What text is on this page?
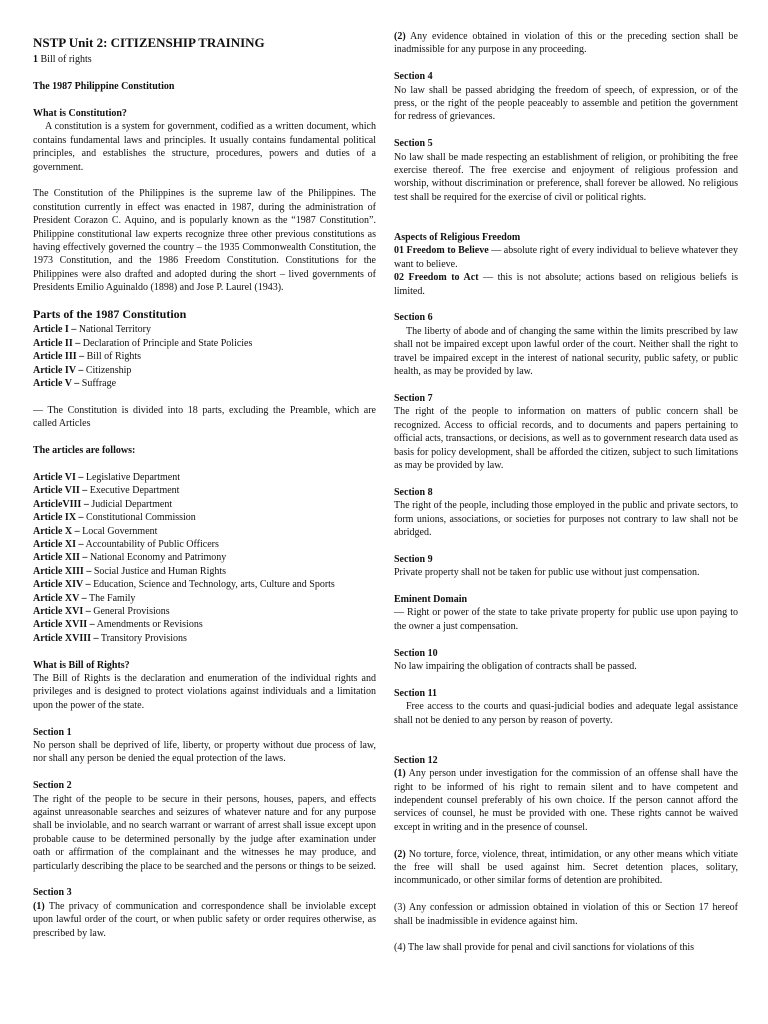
NSTP Unit 2: CITIZENSHIP TRAINING

1 Bill of rights

The 1987 Philippine Constitution

What is Constitution?

A constitution is a system for government, codified as a written document, which contains fundamental laws and principles. It usually contains fundamental political principles, and establishes the structure, procedures, powers and duties of a government.

The Constitution of the Philippines is the supreme law of the Philippines. The constitution currently in effect was enacted in 1987, during the administration of President Corazon C. Aquino, and is popularly known as the “1987 Constitution”. Philippine constitutional law experts recognize three other previous constitutions as having effectively governed the country – the 1935 Commonwealth Constitution, the 1973 Constitution, and the 1986 Freedom Constitution. Constitutions for the Philippines were also drafted and adopted during the short – lived governments of Presidents Emilio Aguinaldo (1898) and Jose P. Laurel (1943).

Parts of the 1987 Constitution

Article I – National Territory

Article II – Declaration of Principle and State Policies

Article III – Bill of Rights

Article IV – Citizenship

Article V – Suffrage

— The Constitution is divided into 18 parts, excluding the Preamble, which are called Articles

The articles are follows:

Article VI – Legislative Department

Article VII – Executive Department

ArticleVIII – Judicial Department

Article IX – Constitutional Commission

Article X – Local Government

Article XI – Accountability of Public Officers

Article XII – National Economy and Patrimony

Article XIII – Social Justice and Human Rights

Article XIV – Education, Science and Technology, arts, Culture and Sports

Article XV – The Family

Article XVI – General Provisions

Article XVII – Amendments or Revisions

Article XVIII – Transitory Provisions

What is Bill of Rights?

The Bill of Rights is the declaration and enumeration of the individual rights and privileges and is designed to protect violations against individuals and a limitation upon the power of the state.

Section 1

No person shall be deprived of life, liberty, or property without due process of law, nor shall any person be denied the equal protection of the laws.

Section 2

The right of the people to be secure in their persons, houses, papers, and effects against unreasonable searches and seizures of whatever nature and for any purpose shall be inviolable, and no search warrant or warrant of arrest shall issue except upon probable cause to be determined personally by the judge after examination under oath or affirmation of the complainant and the witnesses he may produce, and particularly describing the place to be searched and the persons or things to be seized.

Section 3

(1) The privacy of communication and correspondence shall be inviolable except upon lawful order of the court, or when public safety or order requires otherwise, as prescribed by law.

(2) Any evidence obtained in violation of this or the preceding section shall be inadmissible for any purpose in any proceeding.

Section 4

No law shall be passed abridging the freedom of speech, of expression, or of the press, or the right of the people peaceably to assemble and petition the government for redress of grievances.

Section 5

No law shall be made respecting an establishment of religion, or prohibiting the free exercise thereof. The free exercise and enjoyment of religious profession and worship, without discrimination or preference, shall forever be allowed. No religious test shall be required for the exercise of civil or political rights.

Aspects of Religious Freedom

01 Freedom to Believe — absolute right of every individual to believe whatever they want to believe.

02 Freedom to Act — this is not absolute; actions based on religious beliefs is limited.

Section 6

The liberty of abode and of changing the same within the limits prescribed by law shall not be impaired except upon lawful order of the court. Neither shall the right to travel be impaired except in the interest of national security, public safety, or public health, as may be provided by law.

Section 7

The right of the people to information on matters of public concern shall be recognized. Access to official records, and to documents and papers pertaining to official acts, transactions, or decisions, as well as to government research data used as basis for policy development, shall be afforded the citizen, subject to such limitations as may be provided by law.

Section 8

The right of the people, including those employed in the public and private sectors, to form unions, associations, or societies for purposes not contrary to law shall not be abridged.

Section 9

Private property shall not be taken for public use without just compensation.

Eminent Domain

— Right or power of the state to take private property for public use upon paying to the owner a just compensation.

Section 10

No law impairing the obligation of contracts shall be passed.

Section 11

Free access to the courts and quasi-judicial bodies and adequate legal assistance shall not be denied to any person by reason of poverty.

Section 12

(1) Any person under investigation for the commission of an offense shall have the right to be informed of his right to remain silent and to have competent and independent counsel preferably of his own choice. If the person cannot afford the services of counsel, he must be provided with one. These rights cannot be waived except in writing and in the presence of counsel.

(2) No torture, force, violence, threat, intimidation, or any other means which vitiate the free will shall be used against him. Secret detention places, solitary, incommunicado, or other similar forms of detention are prohibited.

(3) Any confession or admission obtained in violation of this or Section 17 hereof shall be inadmissible in evidence against him.

(4) The law shall provide for penal and civil sanctions for violations of this
